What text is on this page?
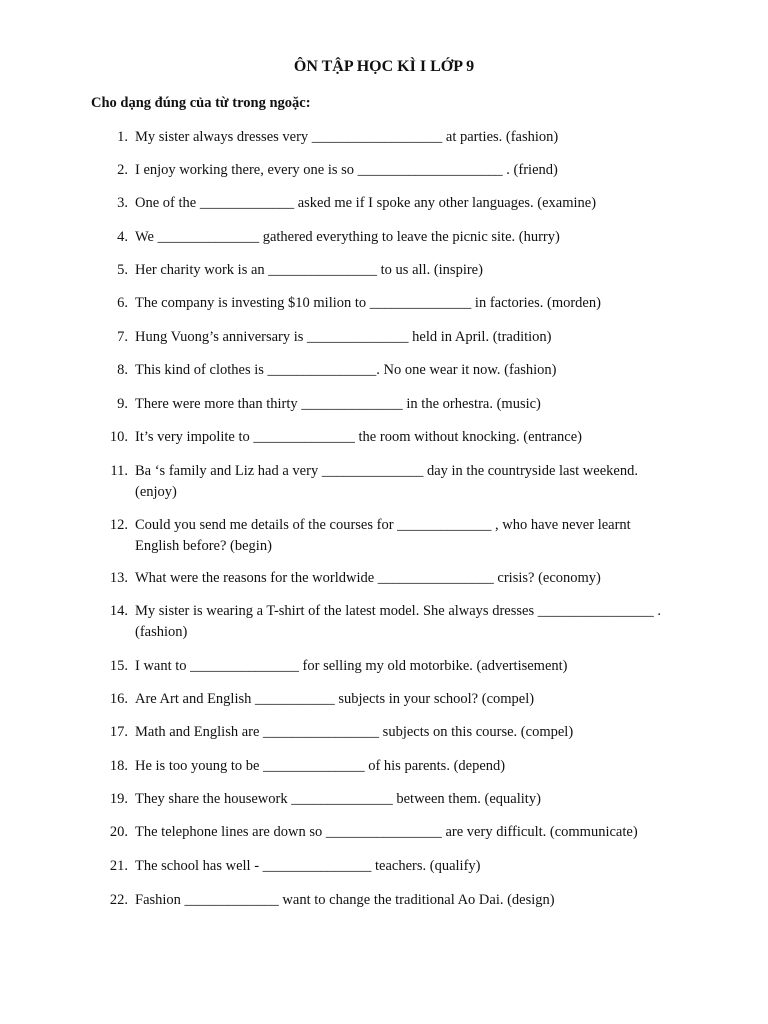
ÔN TẬP HỌC KÌ I LỚP 9
Cho dạng đúng của từ trong ngoặc:
1. My sister always dresses very __________________ at parties. (fashion)
2. I enjoy working there, every one is so ____________________ . (friend)
3. One of the _____________ asked me if I spoke any other languages. (examine)
4. We ______________ gathered everything to leave the picnic site. (hurry)
5. Her charity work is an _______________ to us all. (inspire)
6. The company is investing $10 milion to ______________ in factories. (morden)
7. Hung Vuong’s anniversary is ______________ held in April. (tradition)
8. This kind of clothes is _______________. No one wear it now. (fashion)
9. There were more than thirty ______________ in the orhestra. (music)
10. It’s very impolite to ______________ the room without knocking. (entrance)
11. Ba ‘s family and Liz had a very ______________ day in the countryside last weekend. (enjoy)
12. Could you send me details of the courses for _____________ , who have never learnt English before? (begin)
13. What were the reasons for the worldwide ________________ crisis? (economy)
14. My sister is wearing a T-shirt of the latest model. She always dresses ________________ . (fashion)
15. I want to _______________ for selling my old motorbike. (advertisement)
16. Are Art and English ___________ subjects in your school? (compel)
17. Math and English are ________________ subjects on this course. (compel)
18. He is too young to be ______________ of his parents. (depend)
19. They share the housework ______________ between them. (equality)
20. The telephone lines are down so ________________ are very difficult. (communicate)
21. The school has well - _______________ teachers. (qualify)
22. Fashion _____________ want to change the traditional Ao Dai. (design)
